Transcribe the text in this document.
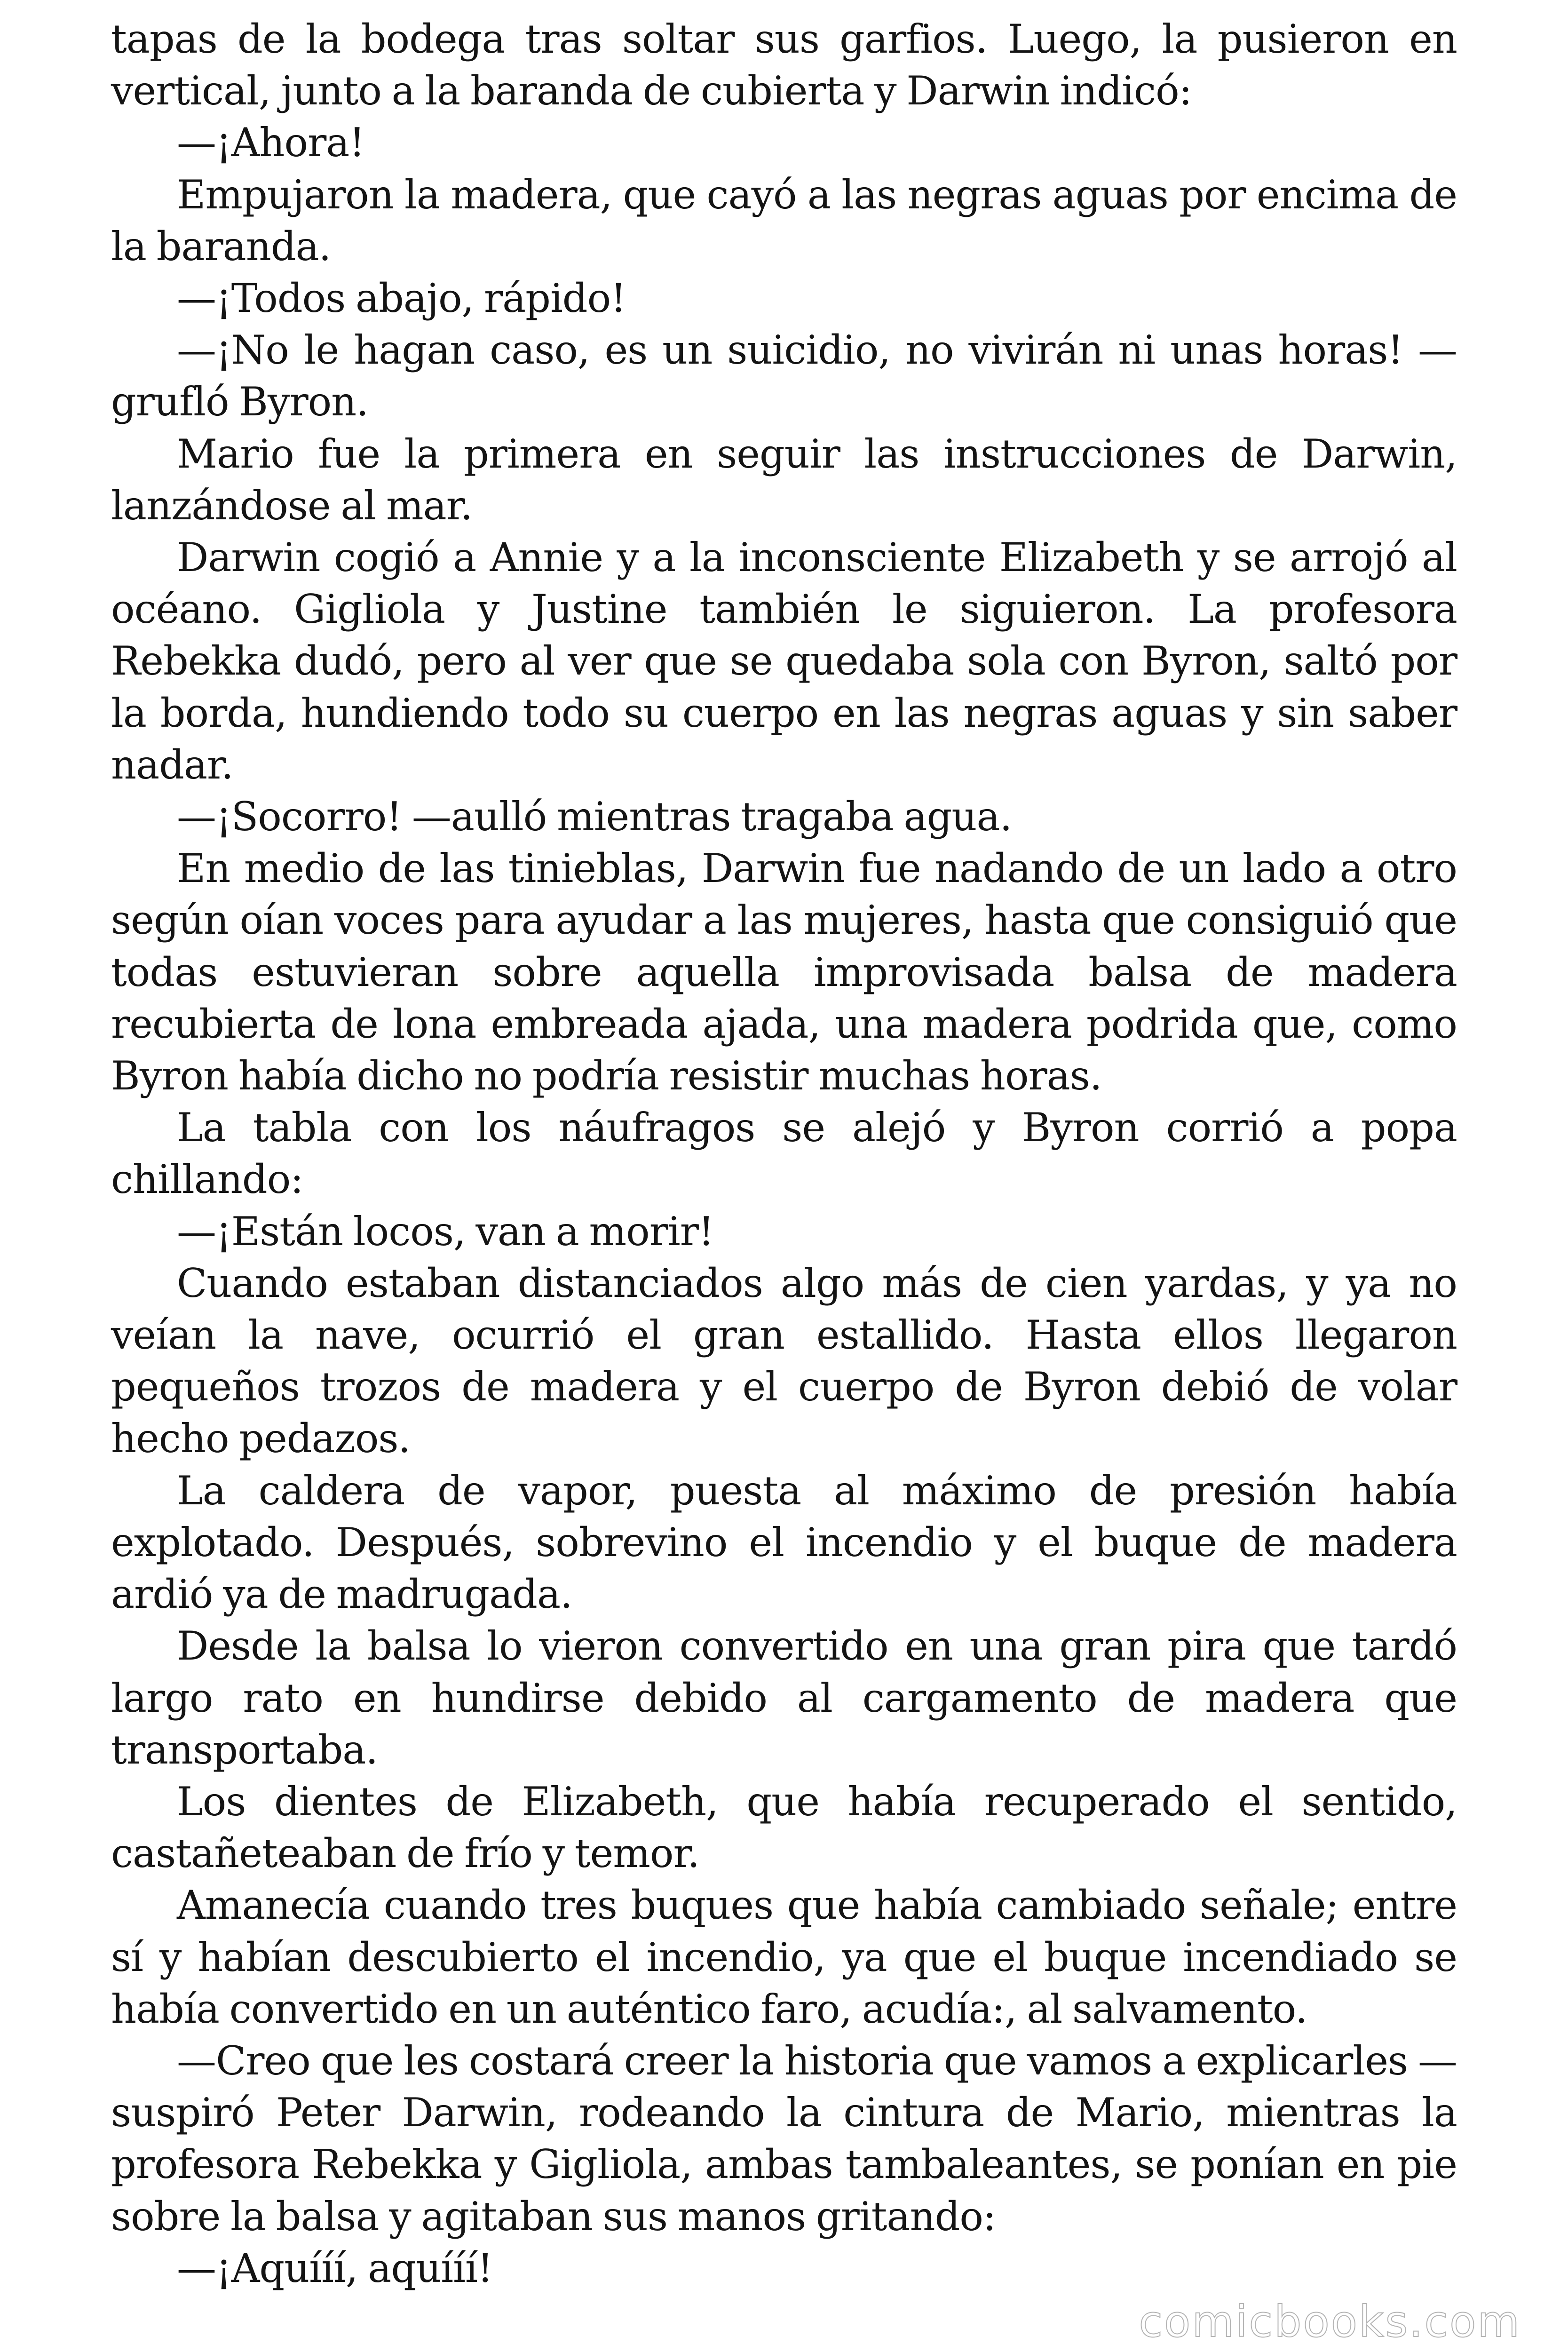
tapas de la bodega tras soltar sus garfios. Luego, la pusieron en vertical, junto a la baranda de cubierta y Darwin indicó:

—¡Ahora!

Empujaron la madera, que cayó a las negras aguas por encima de la baranda.

—¡Todos abajo, rápido!

—¡No le hagan caso, es un suicidio, no vivirán ni unas horas! —grufló Byron.

Mario fue la primera en seguir las instrucciones de Darwin, lanzándose al mar.

Darwin cogió a Annie y a la inconsciente Elizabeth y se arrojó al océano. Gigliola y Justine también le siguieron. La profesora Rebekka dudó, pero al ver que se quedaba sola con Byron, saltó por la borda, hundiendo todo su cuerpo en las negras aguas y sin saber nadar.

—¡Socorro! —aulló mientras tragaba agua.

En medio de las tinieblas, Darwin fue nadando de un lado a otro según oían voces para ayudar a las mujeres, hasta que consiguió que todas estuvieran sobre aquella improvisada balsa de madera recubierta de lona embreada ajada, una madera podrida que, como Byron había dicho no podría resistir muchas horas.

La tabla con los náufragos se alejó y Byron corrió a popa chillando:

—¡Están locos, van a morir!

Cuando estaban distanciados algo más de cien yardas, y ya no veían la nave, ocurrió el gran estallido. Hasta ellos llegaron pequeños trozos de madera y el cuerpo de Byron debió de volar hecho pedazos.

La caldera de vapor, puesta al máximo de presión había explotado. Después, sobrevino el incendio y el buque de madera ardió ya de madrugada.

Desde la balsa lo vieron convertido en una gran pira que tardó largo rato en hundirse debido al cargamento de madera que transportaba.

Los dientes de Elizabeth, que había recuperado el sentido, castañeteaban de frío y temor.

Amanecía cuando tres buques que había cambiado señale; entre sí y habían descubierto el incendio, ya que el buque incendiado se había convertido en un auténtico faro, acudía:, al salvamento.

—Creo que les costará creer la historia que vamos a explicarles —suspiró Peter Darwin, rodeando la cintura de Mario, mientras la profesora Rebekka y Gigliola, ambas tambaleantes, se ponían en pie sobre la balsa y agitaban sus manos gritando:

—¡Aquííí, aquííí!

comicbooks.com
